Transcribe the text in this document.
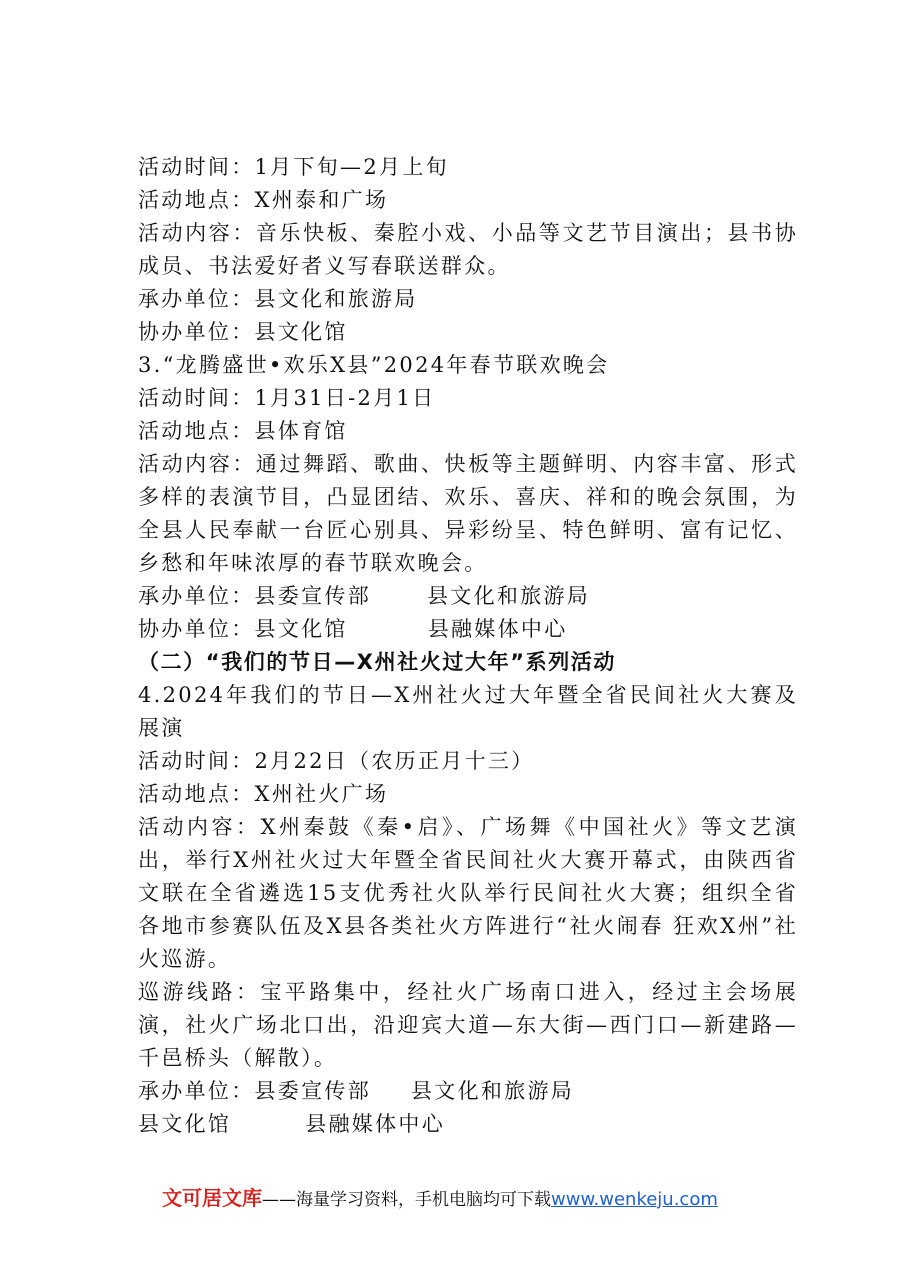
活动时间：1月下旬—2月上旬
活动地点：X州泰和广场
活动内容：音乐快板、秦腔小戏、小品等文艺节目演出；县书协成员、书法爱好者义写春联送群众。
承办单位：县文化和旅游局
协办单位：县文化馆
3.“龙腾盛世•欢乐X县”2024年春节联欢晚会
活动时间：1月31日-2月1日
活动地点：县体育馆
活动内容：通过舞蹈、歌曲、快板等主题鲜明、内容丰富、形式多样的表演节目，凸显团结、欢乐、喜庆、祥和的晚会氛围，为全县人民奉献一台匠心别具、异彩纷呈、特色鲜明、富有记忆、乡愁和年味浓厚的春节联欢晚会。
承办单位：县委宣传部	县文化和旅游局
协办单位：县文化馆	县融媒体中心
（二）“我们的节日—X州社火过大年”系列活动
4.2024年我们的节日—X州社火过大年暨全省民间社火大赛及展演
活动时间：2月22日（农历正月十三）
活动地点：X州社火广场
活动内容：X州秦鼓《秦•启》、广场舞《中国社火》等文艺演出，举行X州社火过大年暨全省民间社火大赛开幕式，由陕西省文联在全省遴选15支优秀社火队举行民间社火大赛；组织全省各地市参赛队伍及X县各类社火方阵进行“社火闹春 狂欢X州”社火巡游。
巡游线路：宝平路集中，经社火广场南口进入，经过主会场展演，社火广场北口出，沿迎宾大道—东大街—西门口—新建路—千邑桥头（解散）。
承办单位：县委宣传部 县文化和旅游局
县文化馆	县融媒体中心
文可居文库——海量学习资料，手机电脑均可下载www.wenkeju.com
